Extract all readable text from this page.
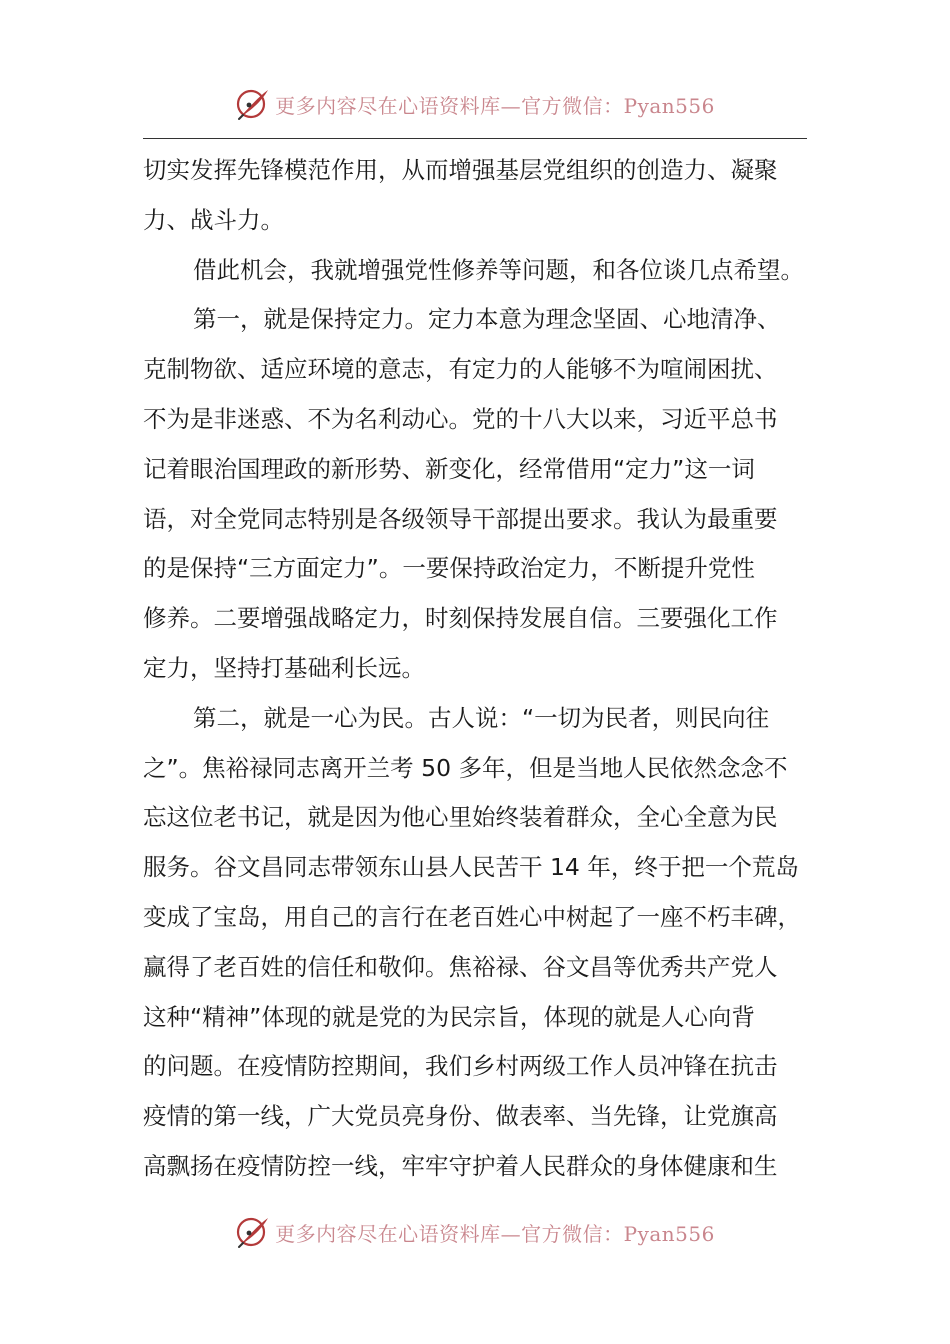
更多内容尽在心语资料库—官方微信：Pyan556
切实发挥先锋模范作用，从而增强基层党组织的创造力、凝聚
力、战斗力。
借此机会，我就增强党性修养等问题，和各位谈几点希望。
第一，就是保持定力。定力本意为理念坚固、心地清净、
克制物欲、适应环境的意志，有定力的人能够不为喧闹困扰、
不为是非迷惑、不为名利动心。党的十八大以来，习近平总书
记着眼治国理政的新形势、新变化，经常借用“定力”这一词
语，对全党同志特别是各级领导干部提出要求。我认为最重要
的是保持“三方面定力”。一要保持政治定力，不断提升党性
修养。二要增强战略定力，时刻保持发展自信。三要强化工作
定力，坚持打基础利长远。
第二，就是一心为民。古人说：“一切为民者，则民向往
之”。焦裕禄同志离开兰考 50 多年，但是当地人民依然念念不
忘这位老书记，就是因为他心里始终装着群众，全心全意为民
服务。谷文昌同志带领东山县人民苦干 14 年，终于把一个荒岛
变成了宝岛，用自己的言行在老百姓心中树起了一座不朽丰碑，
赢得了老百姓的信任和敬仰。焦裕禄、谷文昌等优秀共产党人
这种“精神”体现的就是党的为民宗旨，体现的就是人心向背
的问题。在疫情防控期间，我们乡村两级工作人员冲锋在抗击
疫情的第一线，广大党员亮身份、做表率、当先锋，让党旗高
高飘扬在疫情防控一线，牢牢守护着人民群众的身体健康和生
更多内容尽在心语资料库—官方微信：Pyan556
